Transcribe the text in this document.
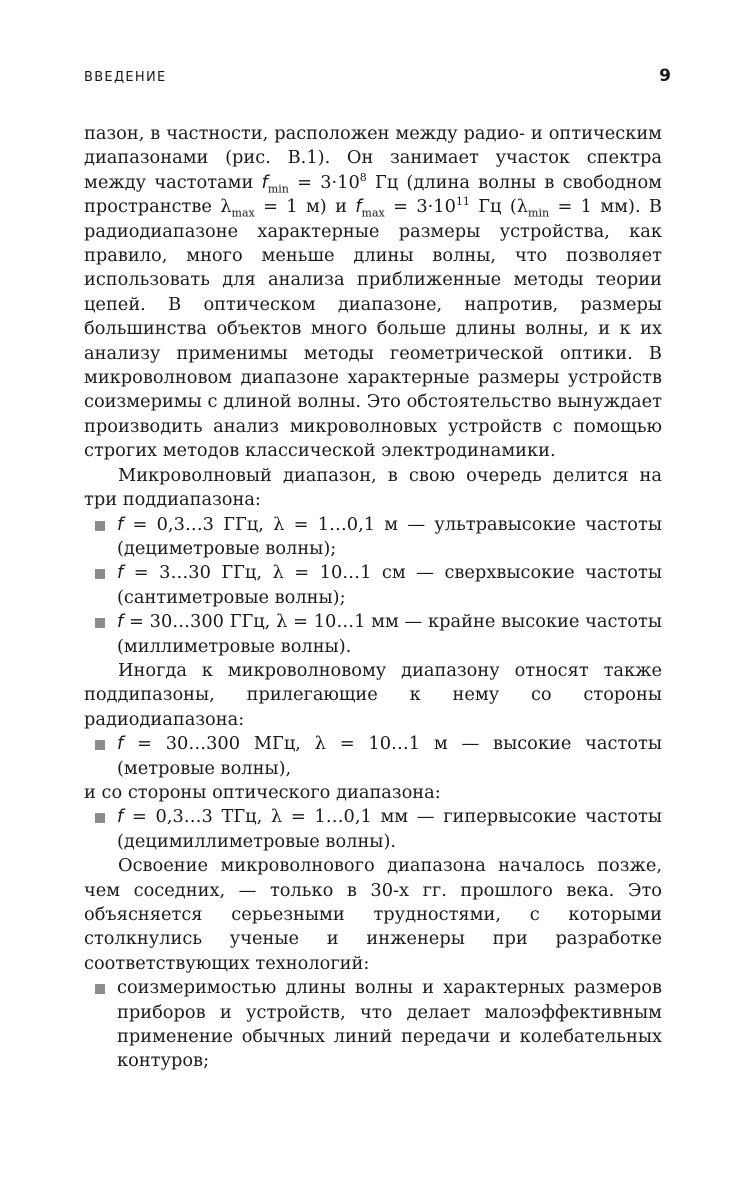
ВВЕДЕНИЕ	9

пазон, в частности, расположен между радио- и оптическим диапазонами (рис. В.1). Он занимает участок спектра между частотами $f_{min} = 3\cdot 10^8$ Гц (длина волны в свободном пространстве $\lambda_{max} = 1$ м) и $f_{max} = 3\cdot 10^{11}$ Гц ($\lambda_{min} = 1$ мм). В радиодиапазоне характерные размеры устройства, как правило, много меньше длины волны, что позволяет использовать для анализа приближенные методы теории цепей. В оптическом диапазоне, напротив, размеры большинства объектов много больше длины волны, и к их анализу применимы методы геометрической оптики. В микроволновом диапазоне характерные размеры устройств соизмеримы с длиной волны. Это обстоятельство вынуждает производить анализ микроволновых устройств с помощью строгих методов классической электродинамики.

Микроволновый диапазон, в свою очередь делится на три поддиапазона:

f = 0,3…3 ГГц, λ = 1…0,1 м — ультравысокие частоты (дециметровые волны);
f = 3…30 ГГц, λ = 10…1 см — сверхвысокие частоты (сантиметровые волны);
f = 30…300 ГГц, λ = 10…1 мм — крайне высокие частоты (миллиметровые волны).

Иногда к микроволновому диапазону относят также поддипазоны, прилегающие к нему со стороны радиодиапазона:

f = 30…300 МГц, λ = 10…1 м — высокие частоты (метровые волны),

и со стороны оптического диапазона:

f = 0,3…3 ТГц, λ = 1…0,1 мм — гипервысокие частоты (децимиллиметровые волны).

Освоение микроволнового диапазона началось позже, чем соседних, — только в 30-х гг. прошлого века. Это объясняется серьезными трудностями, с которыми столкнулись ученые и инженеры при разработке соответствующих технологий:

соизмеримостью длины волны и характерных размеров приборов и устройств, что делает малоэффективным применение обычных линий передачи и колебательных контуров;
